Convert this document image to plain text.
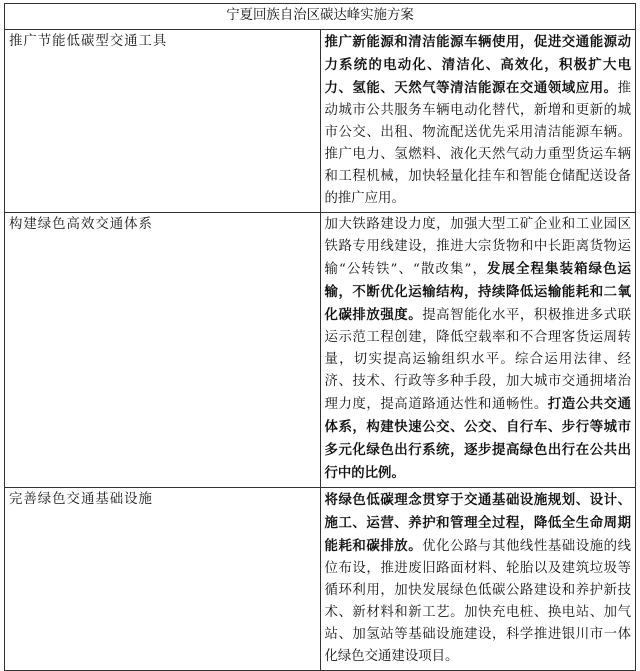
宁夏回族自治区碳达峰实施方案	
推广节能低碳型交通工具	推广新能源和清洁能源车辆使用，促进交通能源动力系统的电动化、清洁化、高效化，积极扩大电力、氢能、天然气等清洁能源在交通领域应用。推动城市公共服务车辆电动化替代，新增和更新的城市公交、出租、物流配送优先采用清洁能源车辆。推广电力、氢燃料、液化天然气动力重型货运车辆和工程机械，加快轻量化挂车和智能仓储配送设备的推广应用。
构建绿色高效交通体系	加大铁路建设力度，加强大型工矿企业和工业园区铁路专用线建设，推进大宗货物和中长距离货物运输“公转铁”、“散改集”，发展全程集装箱绿色运输，不断优化运输结构，持续降低运输能耗和二氧化碳排放强度。提高智能化水平，积极推进多式联运示范工程创建，降低空载率和不合理客货运周转量，切实提高运输组织水平。综合运用法律、经济、技术、行政等多种手段，加大城市交通拥堵治理力度，提高道路通达性和通畅性。打造公共交通体系，构建快速公交、公交、自行车、步行等城市多元化绿色出行系统，逐步提高绿色出行在公共出行中的比例。
完善绿色交通基础设施	将绿色低碳理念贯穿于交通基础设施规划、设计、施工、运营、养护和管理全过程，降低全生命周期能耗和碳排放。优化公路与其他线性基础设施的线位布设，推进废旧路面材料、轮胎以及建筑垃圾等循环利用，加快发展绿色低碳公路建设和养护新技术、新材料和新工艺。加快充电桩、换电站、加气站、加氢站等基础设施建设，科学推进银川市一体化绿色交通建设项目。
